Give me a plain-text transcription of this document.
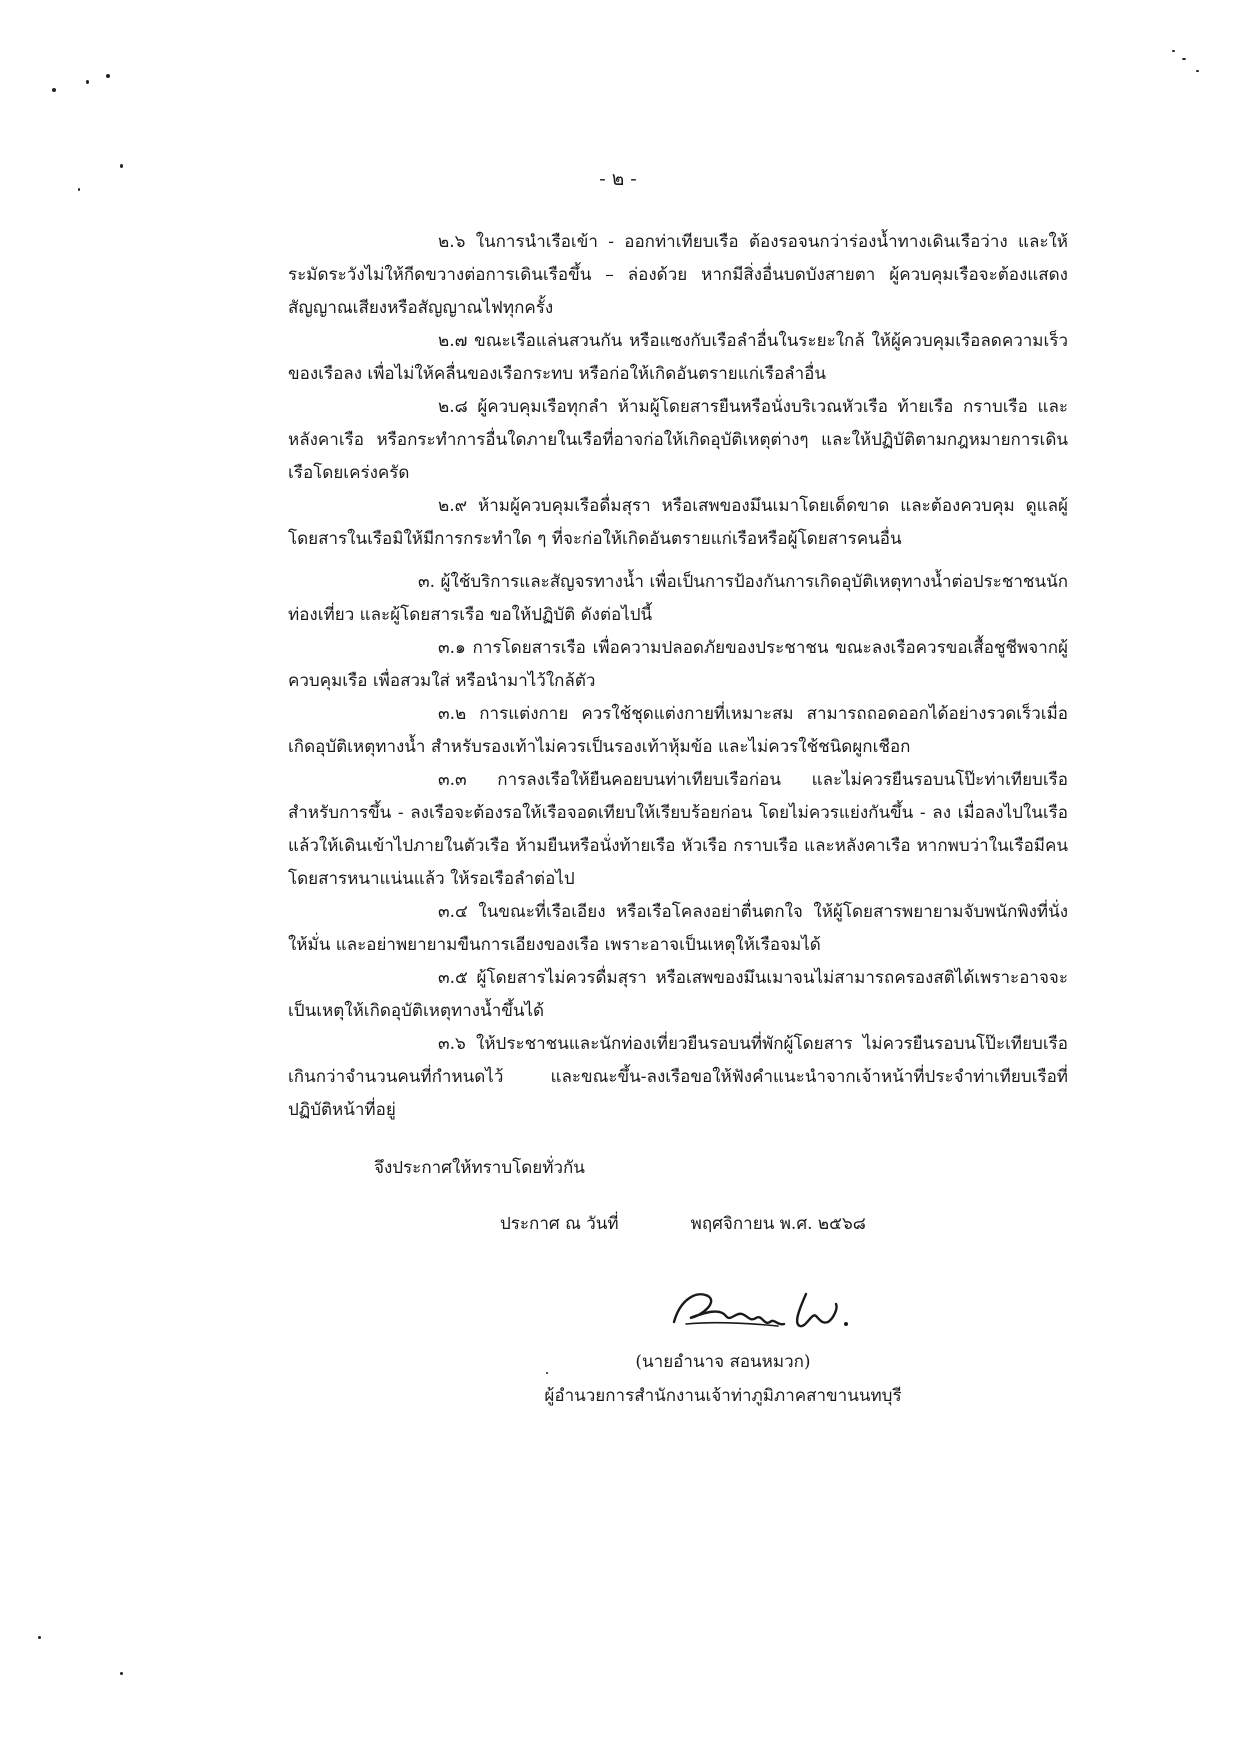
- ๒ -

๒.๖ ในการนำเรือเข้า - ออกท่าเทียบเรือ ต้องรอจนกว่าร่องน้ำทางเดินเรือว่าง และให้ระมัดระวังไม่ให้กีดขวางต่อการเดินเรือขึ้น – ล่องด้วย หากมีสิ่งอื่นบดบังสายตา ผู้ควบคุมเรือจะต้องแสดงสัญญาณเสียงหรือสัญญาณไฟทุกครั้ง

๒.๗ ขณะเรือแล่นสวนกัน หรือแซงกับเรือลำอื่นในระยะใกล้ ให้ผู้ควบคุมเรือลดความเร็วของเรือลง เพื่อไม่ให้คลื่นของเรือกระทบ หรือก่อให้เกิดอันตรายแก่เรือลำอื่น

๒.๘ ผู้ควบคุมเรือทุกลำ ห้ามผู้โดยสารยืนหรือนั่งบริเวณหัวเรือ ท้ายเรือ กราบเรือ และหลังคาเรือ หรือกระทำการอื่นใดภายในเรือที่อาจก่อให้เกิดอุบัติเหตุต่างๆ และให้ปฏิบัติตามกฎหมายการเดินเรือโดยเคร่งครัด

๒.๙ ห้ามผู้ควบคุมเรือดื่มสุรา หรือเสพของมึนเมาโดยเด็ดขาด และต้องควบคุม ดูแลผู้โดยสารในเรือมิให้มีการกระทำใด ๆ ที่จะก่อให้เกิดอันตรายแก่เรือหรือผู้โดยสารคนอื่น

๓. ผู้ใช้บริการและสัญจรทางน้ำ เพื่อเป็นการป้องกันการเกิดอุบัติเหตุทางน้ำต่อประชาชนนักท่องเที่ยว และผู้โดยสารเรือ ขอให้ปฏิบัติ ดังต่อไปนี้

๓.๑ การโดยสารเรือ เพื่อความปลอดภัยของประชาชน ขณะลงเรือควรขอเสื้อชูชีพจากผู้ควบคุมเรือ เพื่อสวมใส่ หรือนำมาไว้ใกล้ตัว

๓.๒ การแต่งกาย ควรใช้ชุดแต่งกายที่เหมาะสม สามารถถอดออกได้อย่างรวดเร็วเมื่อเกิดอุบัติเหตุทางน้ำ สำหรับรองเท้าไม่ควรเป็นรองเท้าหุ้มข้อ และไม่ควรใช้ชนิดผูกเชือก

๓.๓ การลงเรือให้ยืนคอยบนท่าเทียบเรือก่อน และไม่ควรยืนรอบนโป๊ะท่าเทียบเรือสำหรับการขึ้น - ลงเรือจะต้องรอให้เรือจอดเทียบให้เรียบร้อยก่อน โดยไม่ควรแย่งกันขึ้น - ลง เมื่อลงไปในเรือแล้วให้เดินเข้าไปภายในตัวเรือ ห้ามยืนหรือนั่งท้ายเรือ หัวเรือ กราบเรือ และหลังคาเรือ หากพบว่าในเรือมีคนโดยสารหนาแน่นแล้ว ให้รอเรือลำต่อไป

๓.๔ ในขณะที่เรือเอียง หรือเรือโคลงอย่าตื่นตกใจ ให้ผู้โดยสารพยายามจับพนักพิงที่นั่งให้มั่น และอย่าพยายามขืนการเอียงของเรือ เพราะอาจเป็นเหตุให้เรือจมได้

๓.๕ ผู้โดยสารไม่ควรดื่มสุรา หรือเสพของมึนเมาจนไม่สามารถครองสติได้เพราะอาจจะเป็นเหตุให้เกิดอุบัติเหตุทางน้ำขึ้นได้

๓.๖ ให้ประชาชนและนักท่องเที่ยวยืนรอบนที่พักผู้โดยสาร ไม่ควรยืนรอบนโป๊ะเทียบเรือเกินกว่าจำนวนคนที่กำหนดไว้ และขณะขึ้น-ลงเรือขอให้ฟังคำแนะนำจากเจ้าหน้าที่ประจำท่าเทียบเรือที่ปฏิบัติหน้าที่อยู่

จึงประกาศให้ทราบโดยทั่วกัน
ประกาศ ณ วันที่	พฤศจิกายน พ.ศ. ๒๕๖๘
(นายอำนาจ สอนหมวก)
ผู้อำนวยการสำนักงานเจ้าท่าภูมิภาคสาขานนทบุรี
